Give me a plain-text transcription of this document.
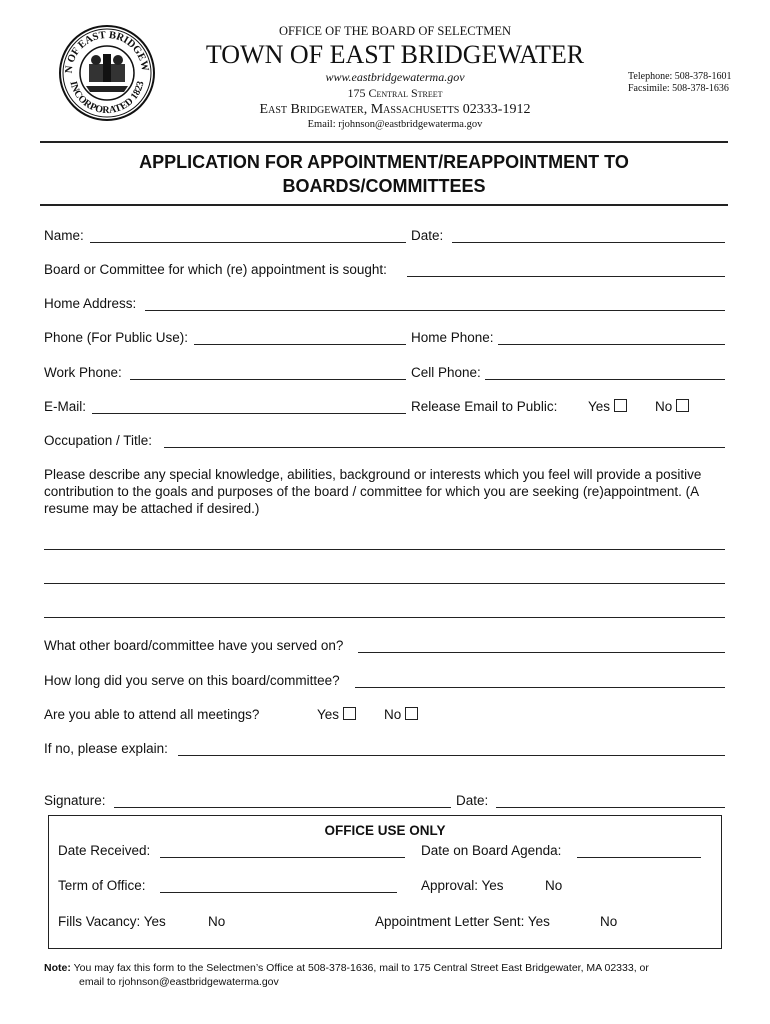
N OF EAST BRIDGEW
INCORPORATED 1823
OFFICE OF THE BOARD OF SELECTMEN
TOWN OF EAST BRIDGEWATER
www.eastbridgewaterma.gov
175 Central Street
East Bridgewater, Massachusetts 02333-1912
Email: rjohnson@eastbridgewaterma.gov
Telephone: 508-378-1601
Facsimile: 508-378-1636
APPLICATION FOR APPOINTMENT/REAPPOINTMENT TO
BOARDS/COMMITTEES
Name:	Date:
Board or Committee for which (re) appointment is sought:
Home Address:
Phone (For Public Use):	Home Phone:
Work Phone:	Cell Phone:
E-Mail:	Release Email to Public: Yes	No
Occupation / Title:
Please describe any special knowledge, abilities, background or interests which you feel will provide a positive contribution to the goals and purposes of the board / committee for which you are seeking (re)appointment. (A resume may be attached if desired.)
What other board/committee have you served on?
How long did you serve on this board/committee?
Are you able to attend all meetings?	Yes	No
If no, please explain:
Signature:	Date:
OFFICE USE ONLY
Date Received:	Date on Board Agenda:
Term of Office:	Approval: Yes	No
Fills Vacancy: Yes	No	Appointment Letter Sent: Yes	No
Note: You may fax this form to the Selectmen’s Office at 508-378-1636, mail to 175 Central Street East Bridgewater, MA 02333, or
email to rjohnson@eastbridgewaterma.gov
